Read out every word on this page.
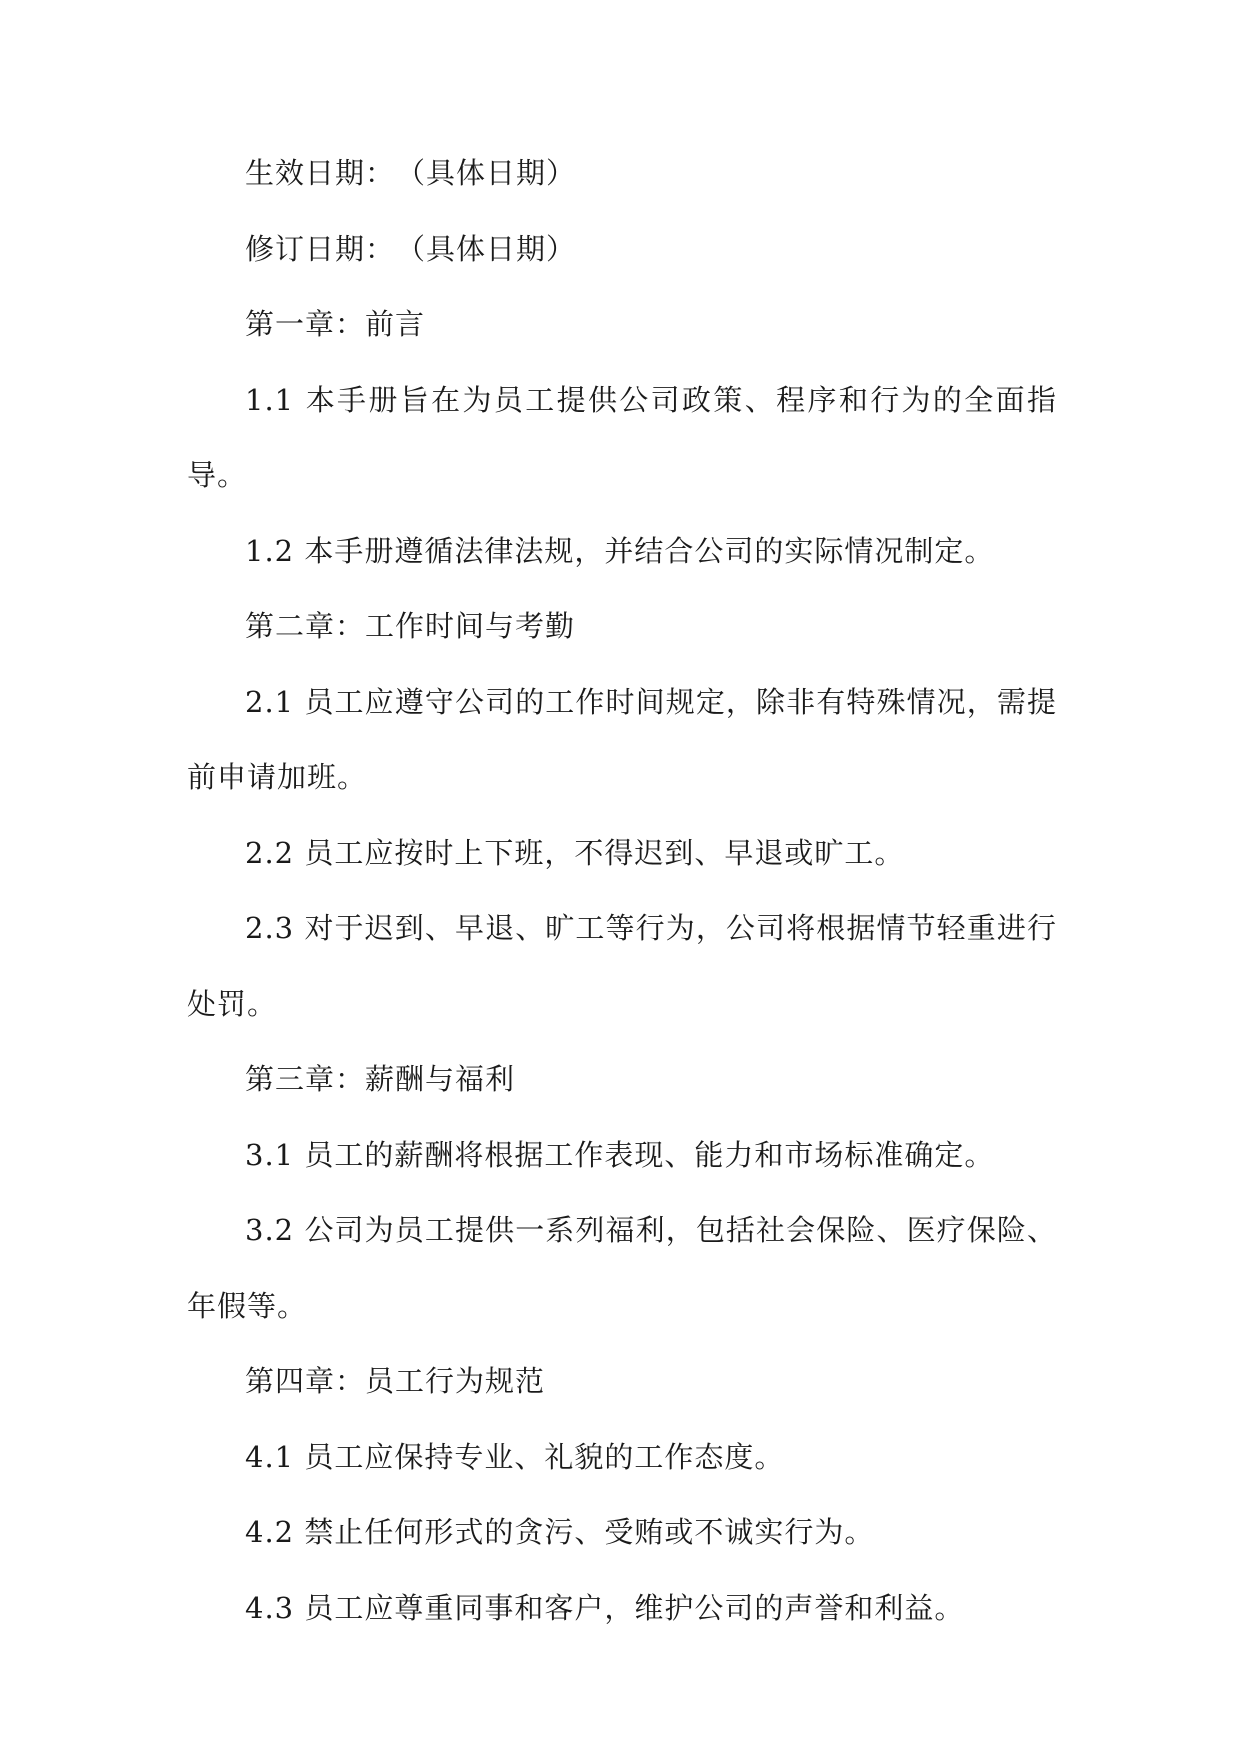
生效日期：　（具体日期）

修订日期：　（具体日期）

第一章：前言

1.1 本手册旨在为员工提供公司政策、程序和行为的全面指导。

1.2 本手册遵循法律法规，并结合公司的实际情况制定。

第二章：工作时间与考勤

2.1 员工应遵守公司的工作时间规定，除非有特殊情况，需提前申请加班。

2.2 员工应按时上下班，不得迟到、早退或旷工。

2.3 对于迟到、早退、旷工等行为，公司将根据情节轻重进行处罚。

第三章：薪酬与福利

3.1 员工的薪酬将根据工作表现、能力和市场标准确定。

3.2 公司为员工提供一系列福利，包括社会保险、医疗保险、年假等。

第四章：员工行为规范

4.1 员工应保持专业、礼貌的工作态度。

4.2 禁止任何形式的贪污、受贿或不诚实行为。

4.3 员工应尊重同事和客户，维护公司的声誉和利益。
